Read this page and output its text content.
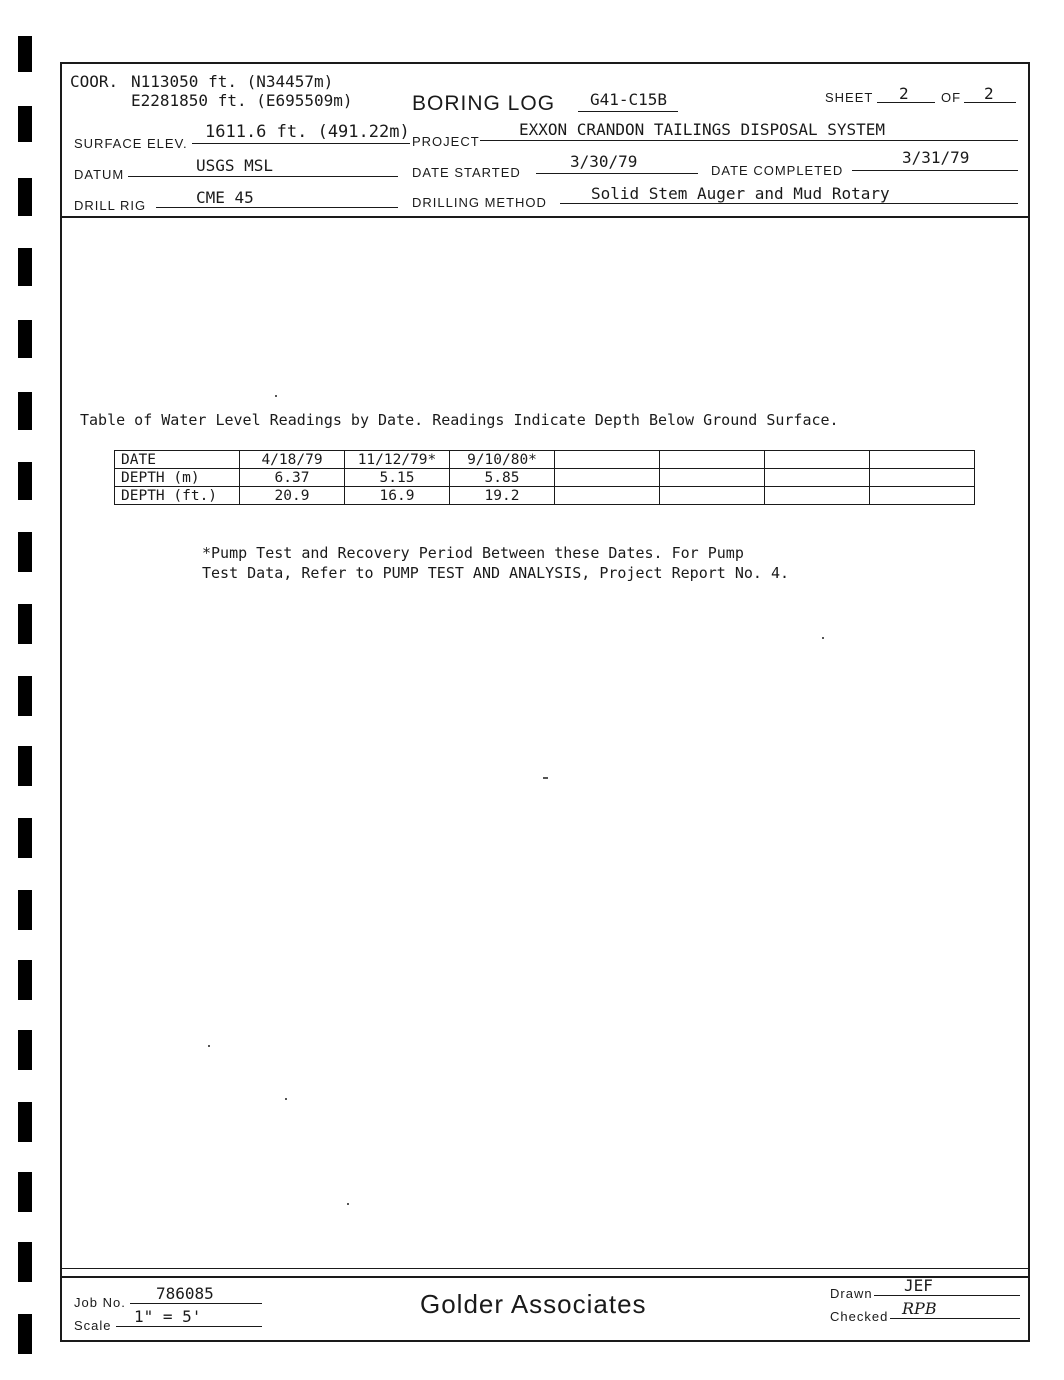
COOR. N113050 ft. (N34457m)
E2281850 ft. (E695509m)	BORING LOG G41-C15B	SHEET 2 OF 2
SURFACE ELEV.
1611.6 ft. (491.22m) PROJECT
EXXON CRANDON TAILINGS DISPOSAL SYSTEM
DATUM	USGS MSL	DATE STARTED
3/30/79	DATE COMPLETED
3/31/79
DRILL RIG	CME 45	DRILLING METHOD	Solid Stem Auger and Mud Rotary
Table of Water Level Readings by Date. Readings Indicate Depth Below Ground Surface.
DATE	4/18/79	11/12/79*	9/10/80*				
DEPTH (m)	6.37	5.15	5.85				
DEPTH (ft.)	20.9	16.9	19.2				
*Pump Test and Recovery Period Between these Dates. For Pump
Test Data, Refer to PUMP TEST AND ANALYSIS, Project Report No. 4.
Job No. 786085
Scale 1" = 5'	Golder Associates	Drawn JEF
Checked RPB
